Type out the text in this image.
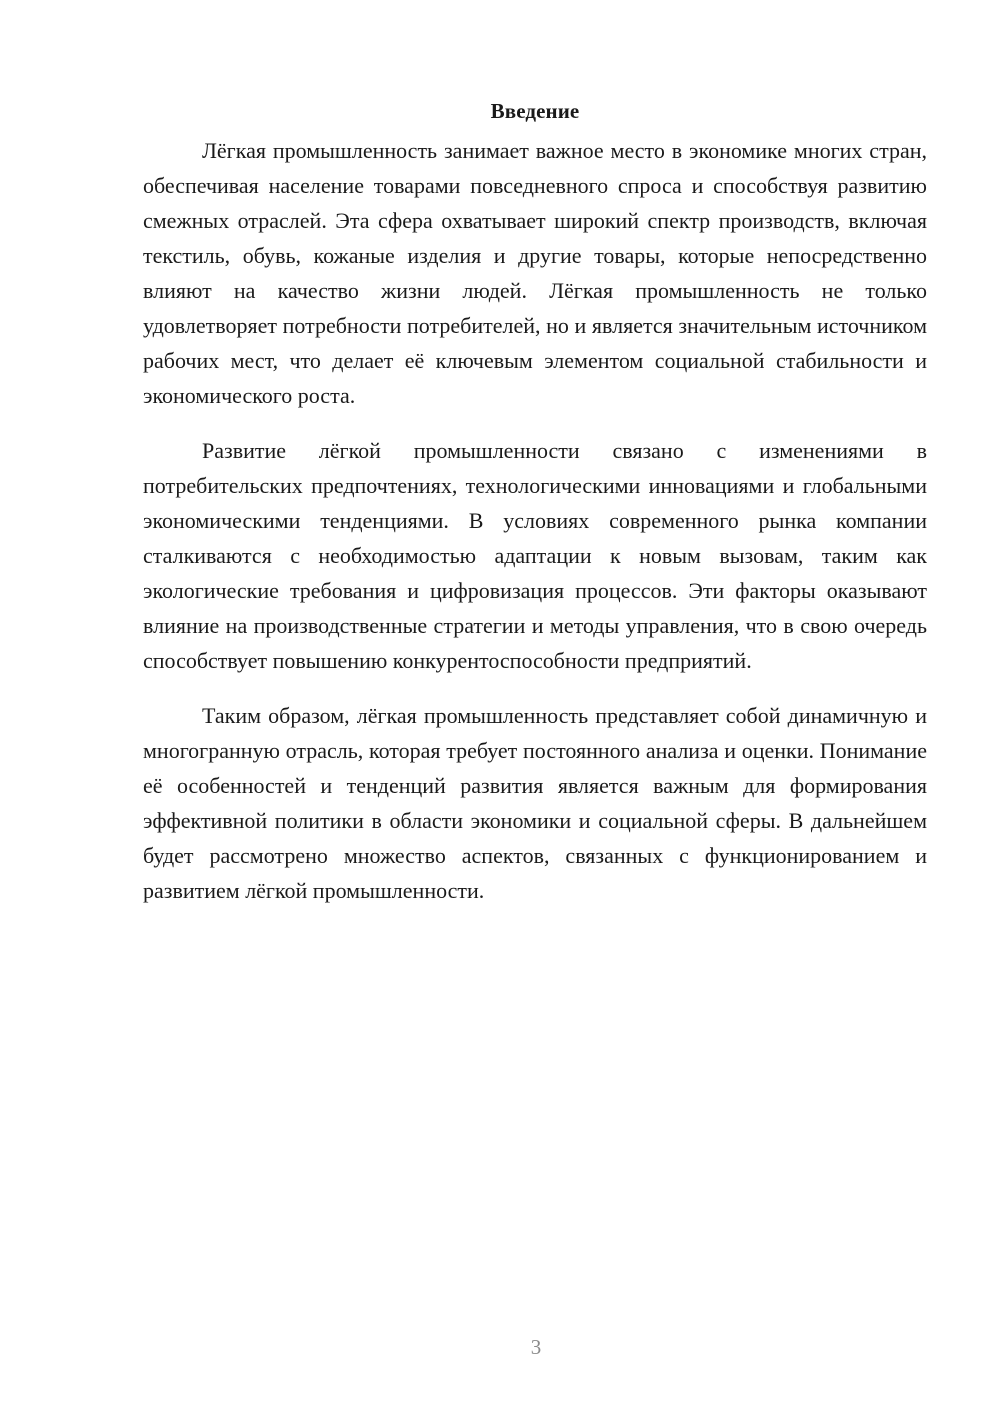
Введение

Лёгкая промышленность занимает важное место в экономике многих стран, обеспечивая население товарами повседневного спроса и способствуя развитию смежных отраслей. Эта сфера охватывает широкий спектр производств, включая текстиль, обувь, кожаные изделия и другие товары, которые непосредственно влияют на качество жизни людей. Лёгкая промышленность не только удовлетворяет потребности потребителей, но и является значительным источником рабочих мест, что делает её ключевым элементом социальной стабильности и экономического роста.

Развитие лёгкой промышленности связано с изменениями в потребительских предпочтениях, технологическими инновациями и глобальными экономическими тенденциями. В условиях современного рынка компании сталкиваются с необходимостью адаптации к новым вызовам, таким как экологические требования и цифровизация процессов. Эти факторы оказывают влияние на производственные стратегии и методы управления, что в свою очередь способствует повышению конкурентоспособности предприятий.

Таким образом, лёгкая промышленность представляет собой динамичную и многогранную отрасль, которая требует постоянного анализа и оценки. Понимание её особенностей и тенденций развития является важным для формирования эффективной политики в области экономики и социальной сферы. В дальнейшем будет рассмотрено множество аспектов, связанных с функционированием и развитием лёгкой промышленности.

3
